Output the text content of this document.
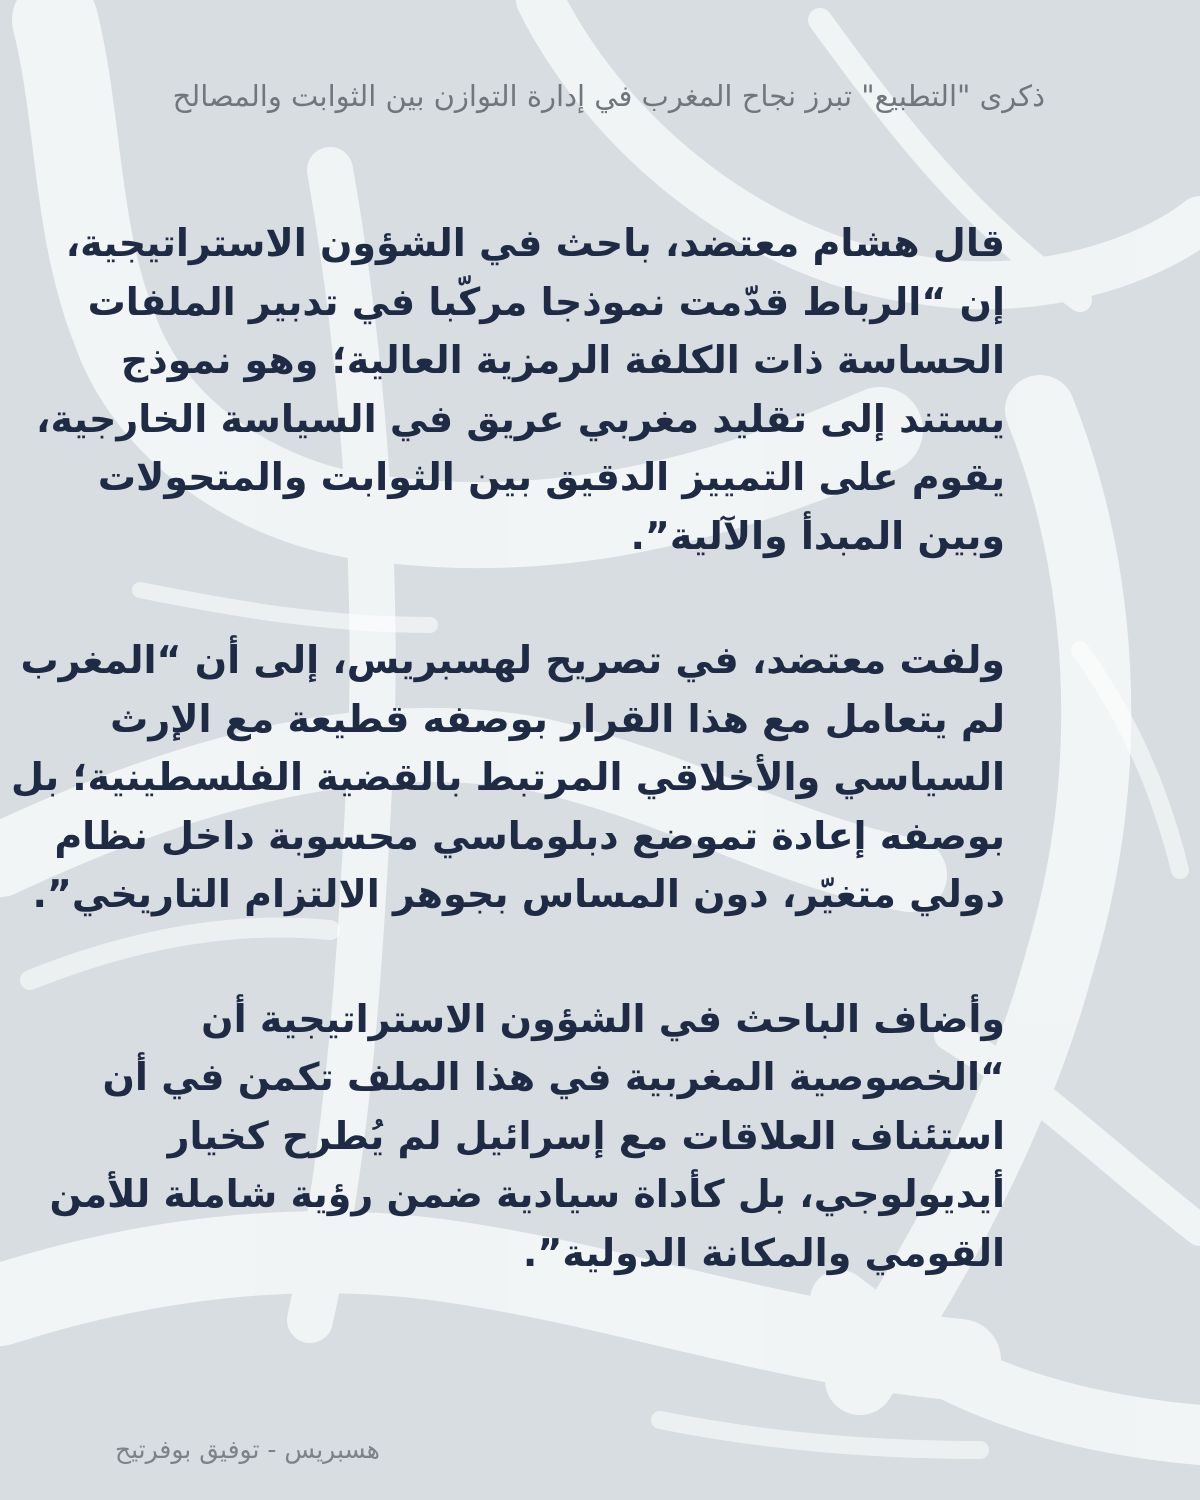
ذكرى "التطبيع" تبرز نجاح المغرب في إدارة التوازن بين الثوابت والمصالح

قال هشام معتضد، باحث في الشؤون الاستراتيجية،
إن “الرباط قدّمت نموذجا مركّبا في تدبير الملفات
الحساسة ذات الكلفة الرمزية العالية؛ وهو نموذج
يستند إلى تقليد مغربي عريق في السياسة الخارجية،
يقوم على التمييز الدقيق بين الثوابت والمتحولات
وبين المبدأ والآلية”.

ولفت معتضد، في تصريح لهسبريس، إلى أن “المغرب
لم يتعامل مع هذا القرار بوصفه قطيعة مع الإرث
السياسي والأخلاقي المرتبط بالقضية الفلسطينية؛ بل
بوصفه إعادة تموضع دبلوماسي محسوبة داخل نظام
دولي متغيّر، دون المساس بجوهر الالتزام التاريخي”.

وأضاف الباحث في الشؤون الاستراتيجية أن
“الخصوصية المغربية في هذا الملف تكمن في أن
استئناف العلاقات مع إسرائيل لم يُطرح كخيار
أيديولوجي، بل كأداة سيادية ضمن رؤية شاملة للأمن
القومي والمكانة الدولية”.

هسبريس - توفيق بوفرتيح
